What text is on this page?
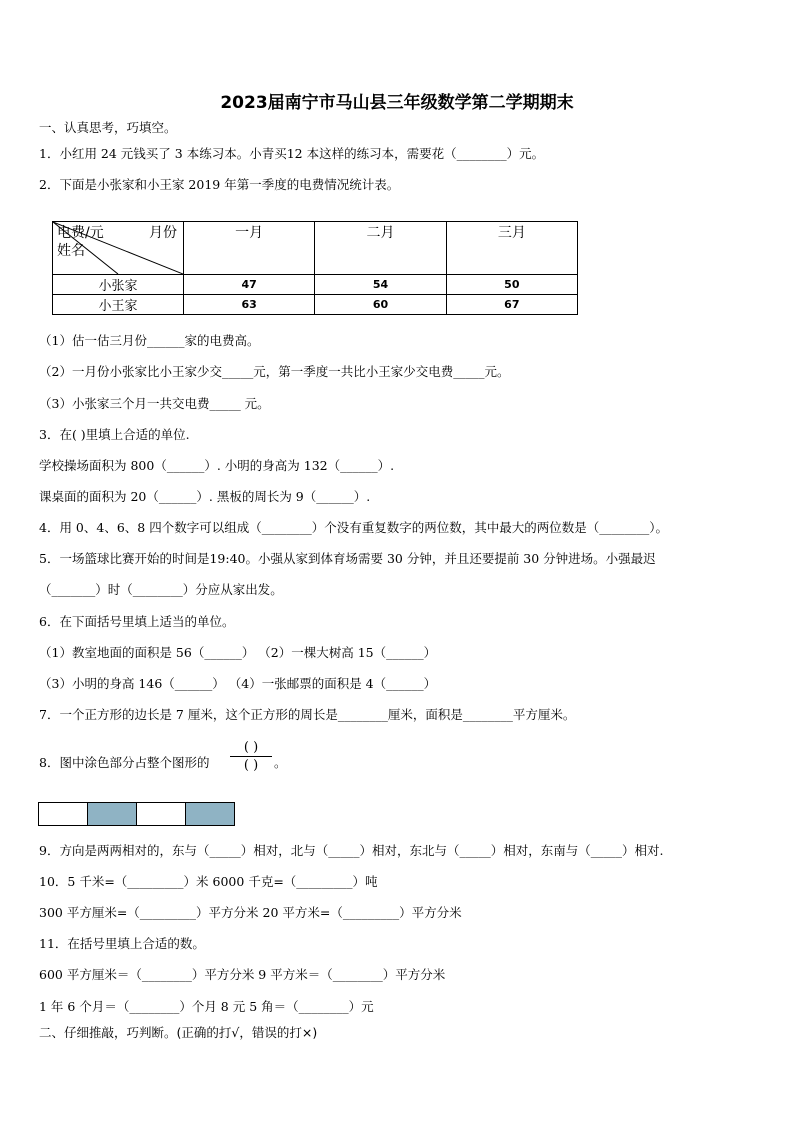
2023届南宁市马山县三年级数学第二学期期末
一、认真思考，巧填空。
1．小红用 24 元钱买了 3 本练习本。小青买12 本这样的练习本，需要花（________）元。
2．下面是小张家和小王家 2019 年第一季度的电费情况统计表。
电费/元 月份
姓名	一月	二月	三月
小张家	47	54	50
小王家	63	60	67
（1）估一估三月份______家的电费高。
（2）一月份小张家比小王家少交_____元，第一季度一共比小王家少交电费_____元。
（3）小张家三个月一共交电费_____ 元。
3．在( )里填上合适的单位.
学校操场面积为 800（______）. 小明的身高为 132（______）.
课桌面的面积为 20（______）. 黑板的周长为 9（______）.
4．用 0、4、6、8 四个数字可以组成（________）个没有重复数字的两位数，其中最大的两位数是（________）。
5．一场篮球比赛开始的时间是19:40。小强从家到体育场需要 30 分钟，并且还要提前 30 分钟进场。小强最迟
（_______）时（________）分应从家出发。
6．在下面括号里填上适当的单位。
（1）教室地面的面积是 56（______） （2）一棵大树高 15（______）
（3）小明的身高 146（______） （4）一张邮票的面积是 4（______）
7．一个正方形的边长是 7 厘米，这个正方形的周长是________厘米，面积是________平方厘米。
8．图中涂色部分占整个图形的
( )
( )	。
9．方向是两两相对的，东与（_____）相对，北与（_____）相对，东北与（_____）相对，东南与（_____）相对.
10．5 千米=（_________）米 6000 千克=（_________）吨
300 平方厘米=（_________）平方分米 20 平方米=（_________）平方分米
11．在括号里填上合适的数。
600 平方厘米＝（________）平方分米 9 平方米＝（________）平方分米
1 年 6 个月＝（________）个月 8 元 5 角＝（________）元
二、仔细推敲，巧判断。(正确的打√，错误的打×)
